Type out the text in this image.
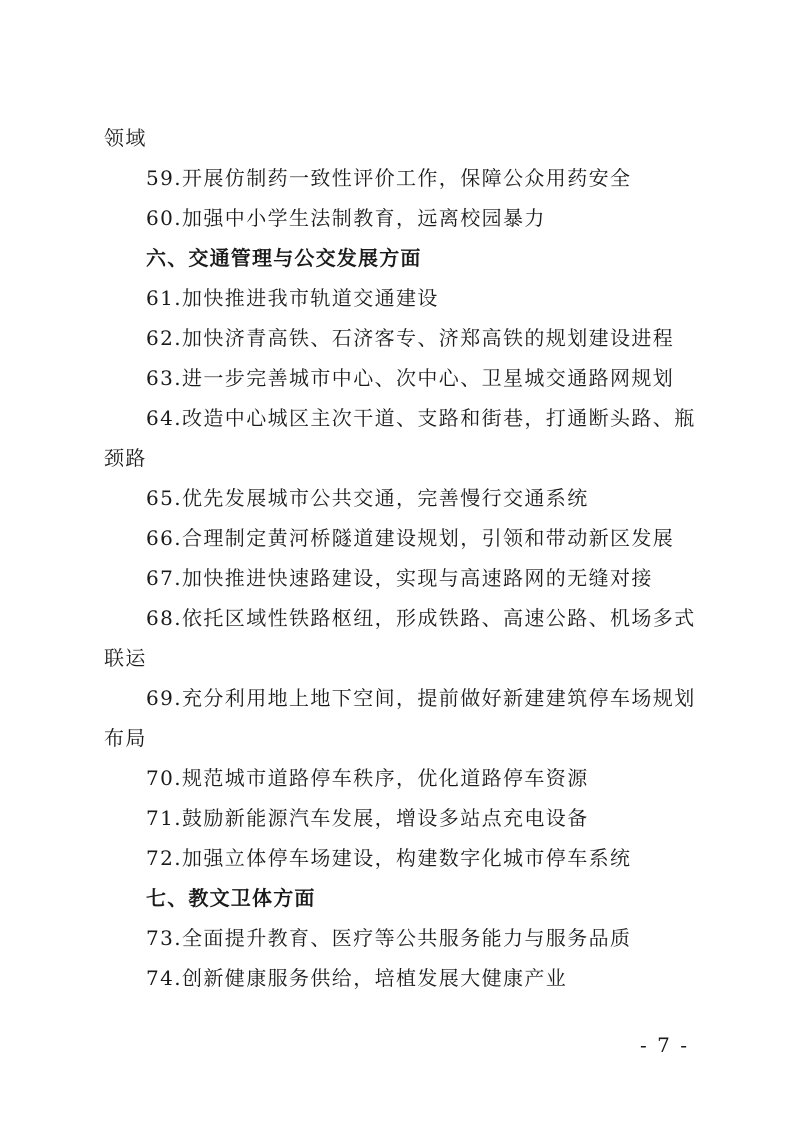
领域
59.开展仿制药一致性评价工作，保障公众用药安全
60.加强中小学生法制教育，远离校园暴力
六、交通管理与公交发展方面
61.加快推进我市轨道交通建设
62.加快济青高铁、石济客专、济郑高铁的规划建设进程
63.进一步完善城市中心、次中心、卫星城交通路网规划
64.改造中心城区主次干道、支路和街巷，打通断头路、瓶
颈路
65.优先发展城市公共交通，完善慢行交通系统
66.合理制定黄河桥隧道建设规划，引领和带动新区发展
67.加快推进快速路建设，实现与高速路网的无缝对接
68.依托区域性铁路枢纽，形成铁路、高速公路、机场多式
联运
69.充分利用地上地下空间，提前做好新建建筑停车场规划
布局
70.规范城市道路停车秩序，优化道路停车资源
71.鼓励新能源汽车发展，增设多站点充电设备
72.加强立体停车场建设，构建数字化城市停车系统
七、教文卫体方面
73.全面提升教育、医疗等公共服务能力与服务品质
74.创新健康服务供给，培植发展大健康产业
- 7 -
